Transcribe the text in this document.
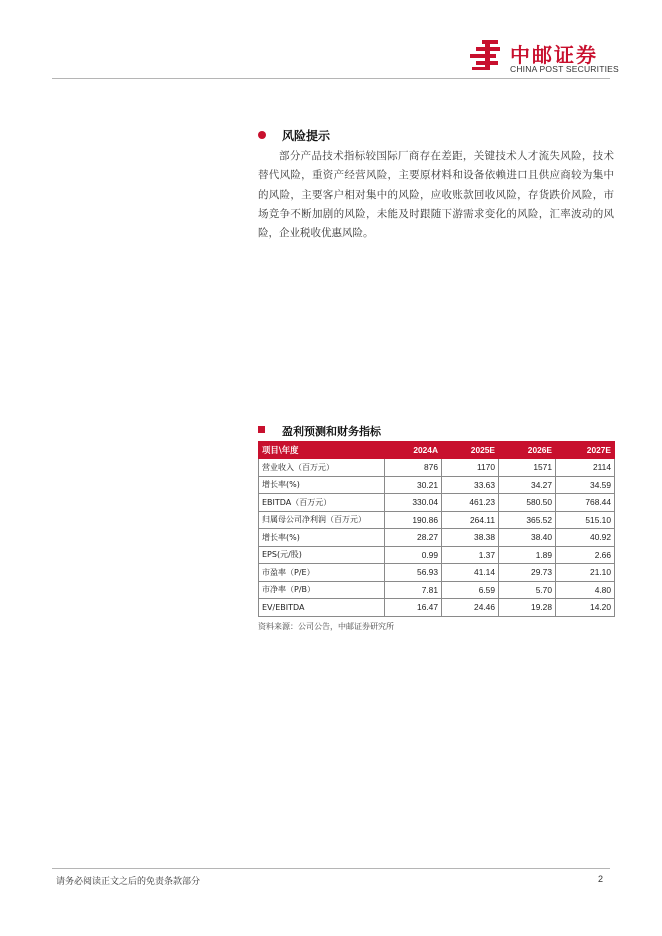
中邮证券
CHINA POST SECURITIES
风险提示

部分产品技术指标较国际厂商存在差距，关键技术人才流失风险，技术替代风险，重资产经营风险，主要原材料和设备依赖进口且供应商较为集中的风险，主要客户相对集中的风险，应收账款回收风险，存货跌价风险，市场竞争不断加剧的风险，未能及时跟随下游需求变化的风险，汇率波动的风险，企业税收优惠风险。

盈利预测和财务指标
项目\年度	2024A	2025E	2026E	2027E
营业收入（百万元）	876	1170	1571	2114
增长率(%)	30.21	33.63	34.27	34.59
EBITDA（百万元）	330.04	461.23	580.50	768.44
归属母公司净利润（百万元）	190.86	264.11	365.52	515.10
增长率(%)	28.27	38.38	38.40	40.92
EPS(元/股)	0.99	1.37	1.89	2.66
市盈率（P/E）	56.93	41.14	29.73	21.10
市净率（P/B）	7.81	6.59	5.70	4.80
EV/EBITDA	16.47	24.46	19.28	14.20
资料来源：公司公告，中邮证券研究所
请务必阅读正文之后的免责条款部分	2
